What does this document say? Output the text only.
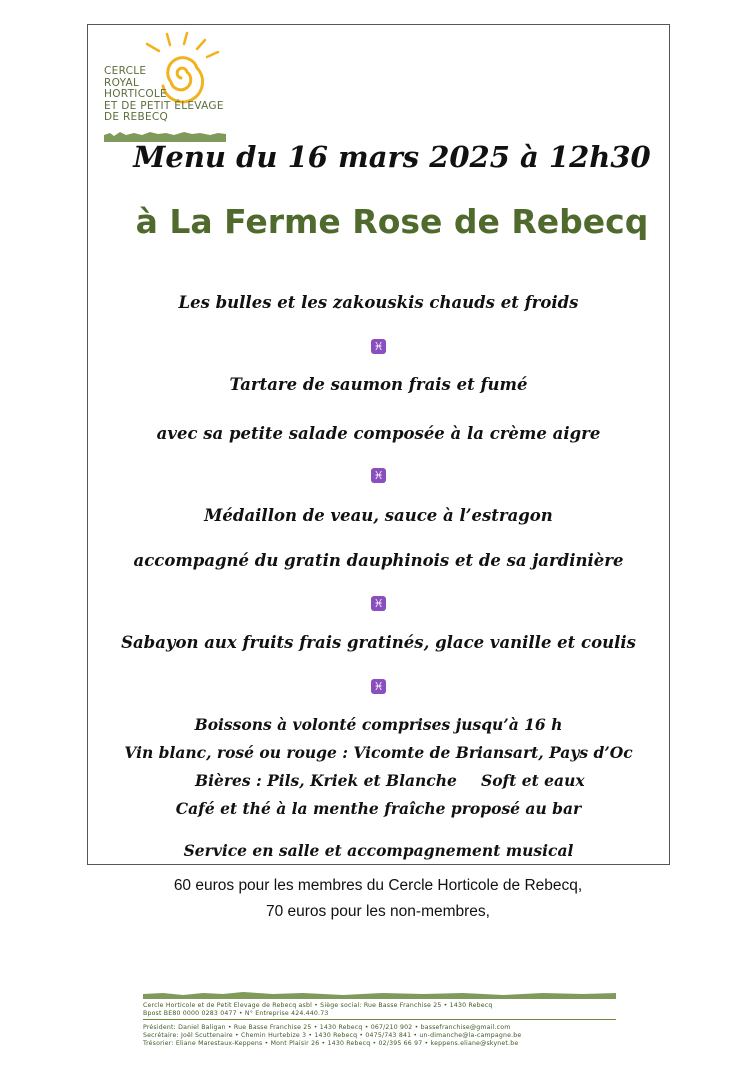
CERCLE
ROYAL
HORTICOLE
ET DE PETIT ÉLEVAGE
DE REBECQ
Menu du 16 mars 2025 à 12h30
à La Ferme Rose de Rebecq
Les bulles et les zakouskis chauds et froids
♓
Tartare de saumon frais et fumé
avec sa petite salade composée à la crème aigre
♓
Médaillon de veau, sauce à l’estragon
accompagné du gratin dauphinois et de sa jardinière
♓
Sabayon aux fruits frais gratinés, glace vanille et coulis
♓
Boissons à volonté comprises jusqu’à 16 h
Vin blanc, rosé ou rouge : Vicomte de Briansart, Pays d’Oc
Bières : Pils, Kriek et Blanche Soft et eaux
Café et thé à la menthe fraîche proposé au bar
Service en salle et accompagnement musical
60 euros pour les membres du Cercle Horticole de Rebecq,
70 euros pour les non-membres,
Cercle Horticole et de Petit Elevage de Rebecq asbl • Siège social: Rue Basse Franchise 25 • 1430 Rebecq
Bpost BE80 0000 0283 0477 • N° Entreprise 424.440.73
Président: Daniel Baligan • Rue Basse Franchise 25 • 1430 Rebecq • 067/210 902 • bassefranchise@gmail.com
Secrétaire: Joël Scuttenaire • Chemin Hurtebize 3 • 1430 Rebecq • 0475/743 841 • un-dimanche@la-campagne.be
Trésorier: Eliane Marestaux-Keppens • Mont Plaisir 26 • 1430 Rebecq • 02/395 66 97 • keppens.eliane@skynet.be
